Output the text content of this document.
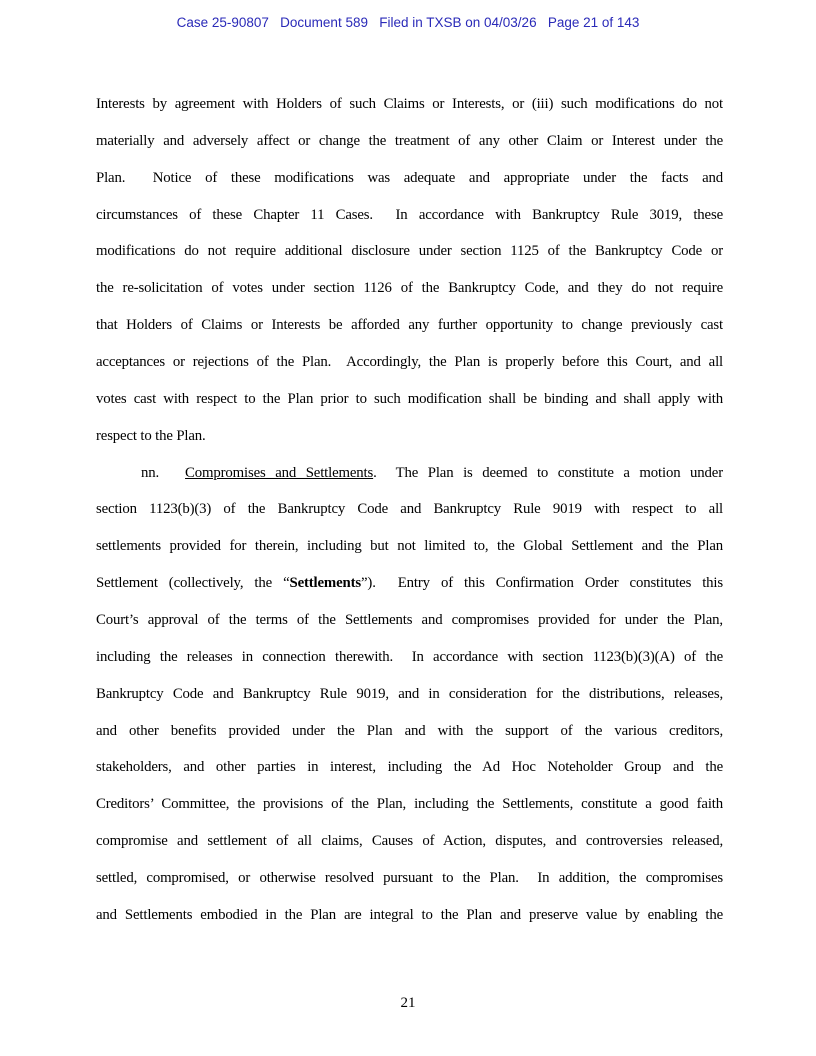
Case 25-90807   Document 589   Filed in TXSB on 04/03/26   Page 21 of 143
Interests by agreement with Holders of such Claims or Interests, or (iii) such modifications do not
materially and adversely affect or change the treatment of any other Claim or Interest under the
Plan.  Notice of these modifications was adequate and appropriate under the facts and
circumstances of these Chapter 11 Cases.  In accordance with Bankruptcy Rule 3019, these
modifications do not require additional disclosure under section 1125 of the Bankruptcy Code or
the re-solicitation of votes under section 1126 of the Bankruptcy Code, and they do not require
that Holders of Claims or Interests be afforded any further opportunity to change previously cast
acceptances or rejections of the Plan.  Accordingly, the Plan is properly before this Court, and all
votes cast with respect to the Plan prior to such modification shall be binding and shall apply with
respect to the Plan.
nn. Compromises and Settlements.  The Plan is deemed to constitute a motion under
section 1123(b)(3) of the Bankruptcy Code and Bankruptcy Rule 9019 with respect to all
settlements provided for therein, including but not limited to, the Global Settlement and the Plan
Settlement (collectively, the “Settlements”).  Entry of this Confirmation Order constitutes this
Court’s approval of the terms of the Settlements and compromises provided for under the Plan,
including the releases in connection therewith.  In accordance with section 1123(b)(3)(A) of the
Bankruptcy Code and Bankruptcy Rule 9019, and in consideration for the distributions, releases,
and other benefits provided under the Plan and with the support of the various creditors,
stakeholders, and other parties in interest, including the Ad Hoc Noteholder Group and the
Creditors’ Committee, the provisions of the Plan, including the Settlements, constitute a good faith
compromise and settlement of all claims, Causes of Action, disputes, and controversies released,
settled, compromised, or otherwise resolved pursuant to the Plan.  In addition, the compromises
and Settlements embodied in the Plan are integral to the Plan and preserve value by enabling the
21
